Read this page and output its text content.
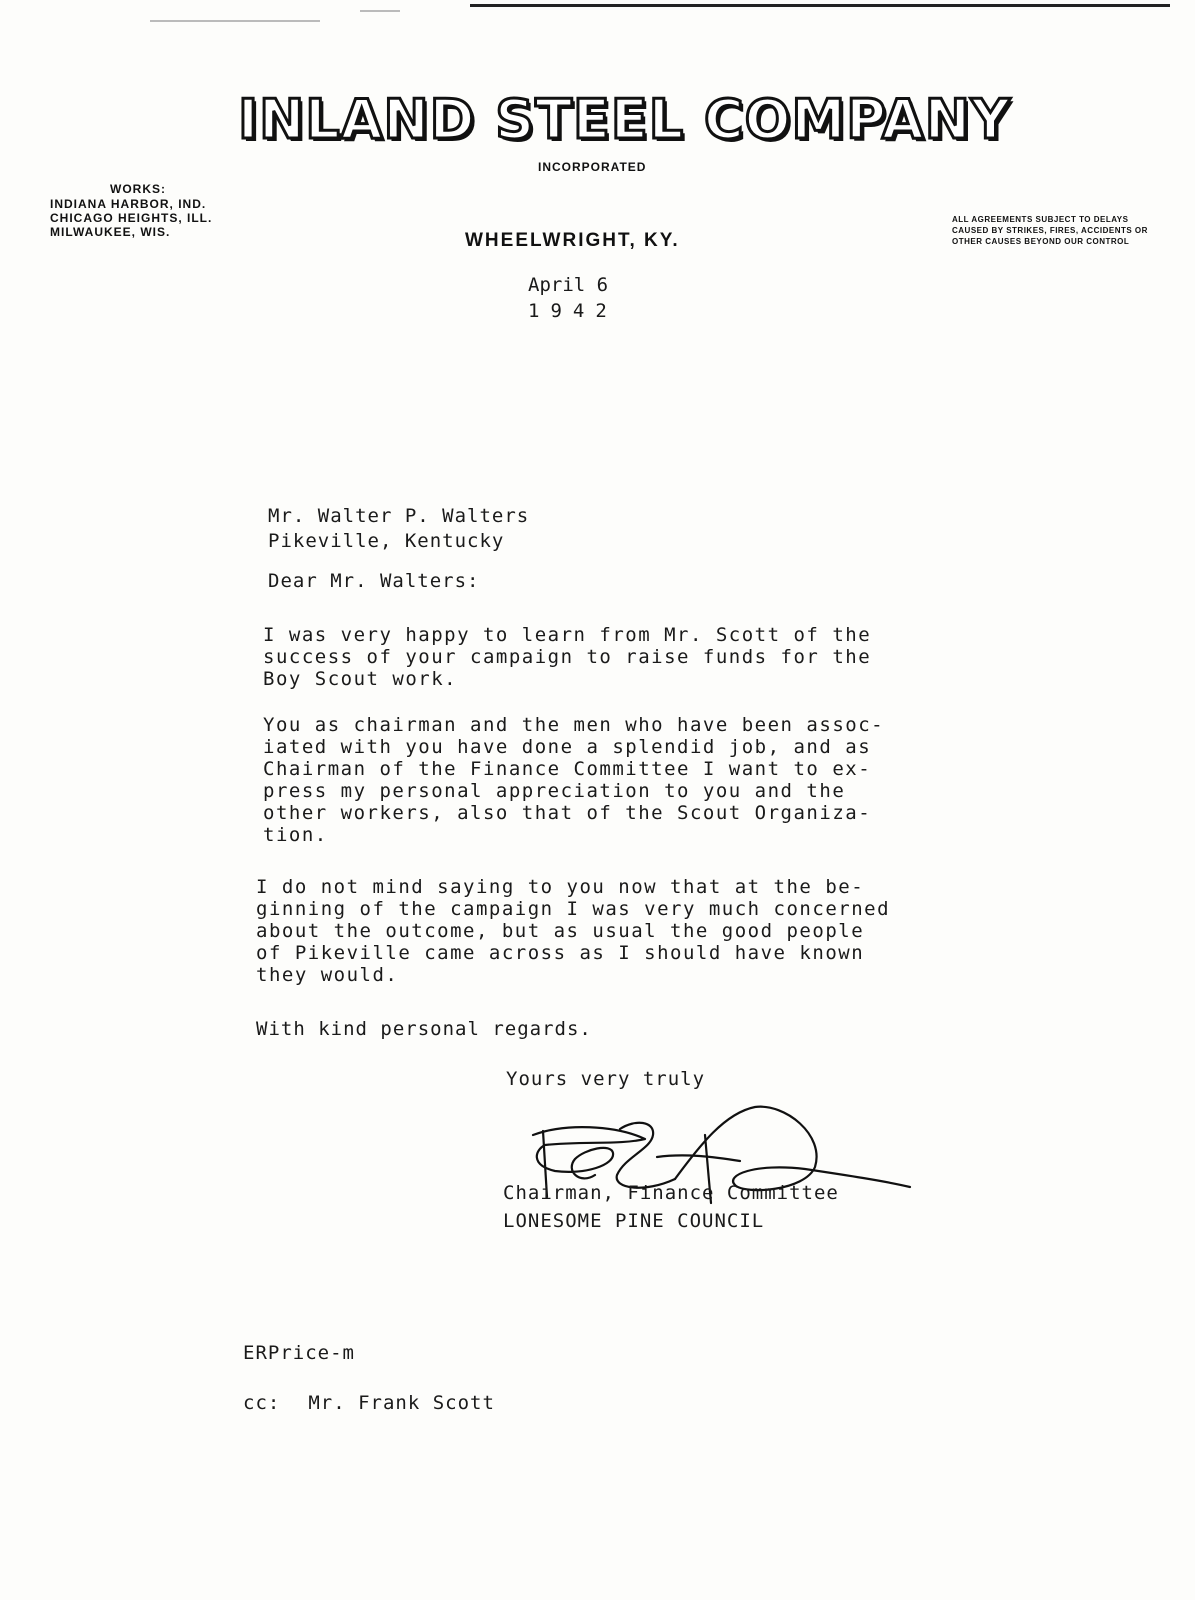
INLAND STEEL COMPANY
INCORPORATED
WORKS:
INDIANA HARBOR, IND.
CHICAGO HEIGHTS, ILL.
MILWAUKEE, WIS.	WHEELWRIGHT, KY.
ALL AGREEMENTS SUBJECT TO DELAYS
CAUSED BY STRIKES, FIRES, ACCIDENTS OR
OTHER CAUSES BEYOND OUR CONTROL
April 6
1942
Mr. Walter P. Walters
Pikeville, Kentucky
Dear Mr. Walters:
I was very happy to learn from Mr. Scott of the
success of your campaign to raise funds for the
Boy Scout work.
You as chairman and the men who have been assoc-
iated with you have done a splendid job, and as
Chairman of the Finance Committee I want to ex-
press my personal appreciation to you and the
other workers, also that of the Scout Organiza-
tion.
I do not mind saying to you now that at the be-
ginning of the campaign I was very much concerned
about the outcome, but as usual the good people
of Pikeville came across as I should have known
they would.
With kind personal regards.
Yours very truly
Chairman, Finance Committee
LONESOME PINE COUNCIL
ERPrice-m
cc: Mr. Frank Scott
